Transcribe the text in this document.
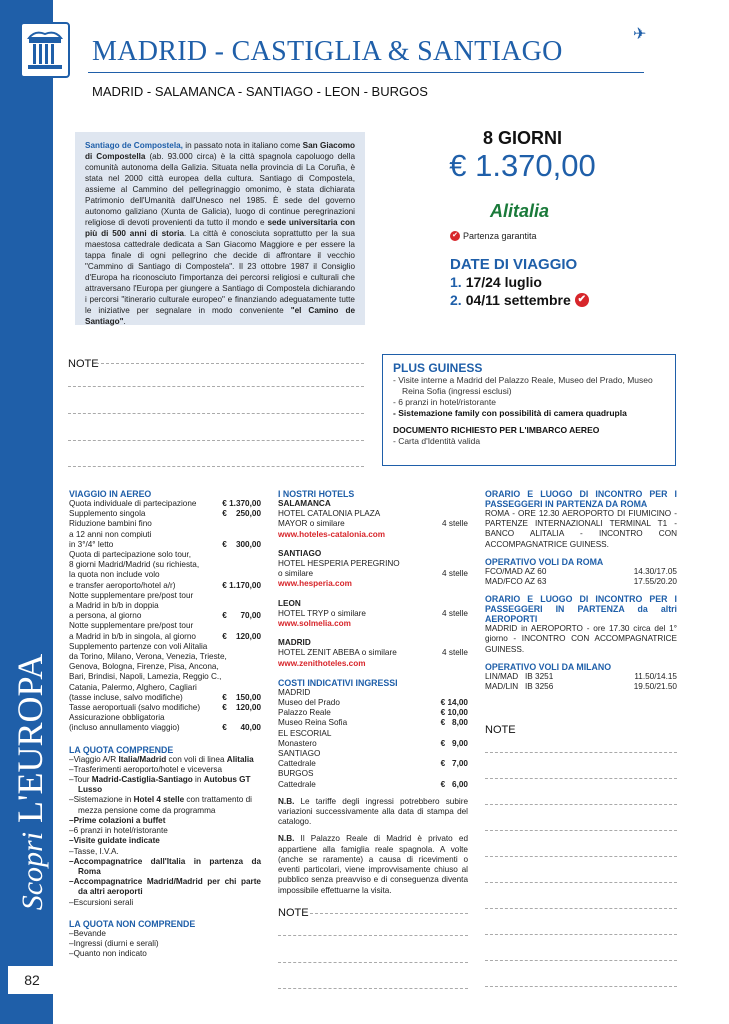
Scopri L'EUROPA
82
MADRID - CASTIGLIA & SANTIAGO
✈
MADRID - SALAMANCA - SANTIAGO - LEON - BURGOS
Santiago de Compostela, in passato nota in italiano come San Giacomo di Compostella (ab. 93.000 circa) è la città spagnola capoluogo della comunità autonoma della Galizia. Situata nella provincia di La Coruña, è stata nel 2000 città europea della cultura. Santiago di Compostela, assieme al Cammino del pellegrinaggio omonimo, è stata dichiarata Patrimonio dell'Umanità dall'Unesco nel 1985. È sede del governo autonomo galiziano (Xunta de Galicia), luogo di continue peregrinazioni religiose di devoti provenienti da tutto il mondo e sede universitaria con più di 500 anni di storia. La città è conosciuta soprattutto per la sua maestosa cattedrale dedicata a San Giacomo Maggiore e per essere la tappa finale di ogni pellegrino che decide di affrontare il vecchio "Cammino di Santiago di Compostela". Il 23 ottobre 1987 il Consiglio d'Europa ha riconosciuto l'importanza dei percorsi religiosi e culturali che attraversano l'Europa per giungere a Santiago di Compostela dichiarando i percorsi "itinerario culturale europeo" e finanziando adeguatamente tutte le iniziative per segnalare in modo conveniente "el Camino de Santiago".
8 GIORNI
€ 1.370,00
Alitalia
✔ Partenza garantita
DATE DI VIAGGIO
1. 17/24 luglio
2. 04/11 settembre ✔
NOTE	PLUS GUINESS
- Visite interne a Madrid del Palazzo Reale, Museo del Prado, Museo Reina Sofia (ingressi esclusi)
- 6 pranzi in hotel/ristorante
- Sistemazione family con possibilità di camera quadrupla
DOCUMENTO RICHIESTO PER L'IMBARCO AEREO
- Carta d'Identità valida
VIAGGIO IN AEREO
Quota individuale di partecipazione	€ 1.370,00
Supplemento singola	€    250,00
Riduzione bambini fino
a 12 anni non compiuti
in 3°/4° letto	€    300,00
Quota di partecipazione solo tour,
8 giorni Madrid/Madrid (su richiesta,
la quota non include volo
e transfer aeroporto/hotel a/r)	€ 1.170,00
Notte supplementare pre/post tour
a Madrid in b/b in doppia
a persona, al giorno	€      70,00
Notte supplementare pre/post tour
a Madrid in b/b in singola, al giorno	€    120,00
Supplemento partenze con voli Alitalia
da Torino, Milano, Verona, Venezia, Trieste,
Genova, Bologna, Firenze, Pisa, Ancona,
Bari, Brindisi, Napoli, Lamezia, Reggio C.,
Catania, Palermo, Alghero, Cagliari
(tasse incluse, salvo modifiche)	€    150,00
Tasse aeroportuali (salvo modifiche)	€    120,00
Assicurazione obbligatoria
(incluso annullamento viaggio)	€      40,00
LA QUOTA COMPRENDE
– Viaggio A/R Italia/Madrid con voli di linea Alitalia
– Trasferimenti aeroporto/hotel e viceversa
– Tour Madrid-Castiglia-Santiago in Autobus GT Lusso
– Sistemazione in Hotel 4 stelle con trattamento di mezza pensione come da programma
– Prime colazioni a buffet
– 6 pranzi in hotel/ristorante
– Visite guidate indicate
– Tasse, I.V.A.
– Accompagnatrice dall'Italia in partenza da Roma
– Accompagnatrice Madrid/Madrid per chi parte da altri aeroporti
– Escursioni serali
LA QUOTA NON COMPRENDE
– Bevande
– Ingressi (diurni e serali)
– Quanto non indicato
I NOSTRI HOTELS
SALAMANCA
HOTEL CATALONIA PLAZA
MAYOR o similare	4 stelle
www.hoteles-catalonia.com
SANTIAGO
HOTEL HESPERIA PEREGRINO
o similare	4 stelle
www.hesperia.com
LEON
HOTEL TRYP o similare	4 stelle
www.solmelia.com
MADRID
HOTEL ZENIT ABEBA o similare	4 stelle
www.zenithoteles.com
COSTI INDICATIVI INGRESSI
MADRID
Museo del Prado	€ 14,00
Palazzo Reale	€ 10,00
Museo Reina Sofia	€   8,00
EL ESCORIAL
Monastero	€   9,00
SANTIAGO
Cattedrale	€   7,00
BURGOS
Cattedrale	€   6,00
N.B. Le tariffe degli ingressi potrebbero subire variazioni successivamente alla data di stampa del catalogo.
N.B. Il Palazzo Reale di Madrid è privato ed appartiene alla famiglia reale spagnola. A volte (anche se raramente) a causa di ricevimenti o eventi particolari, viene improvvisamente chiuso al pubblico senza preavviso e di conseguenza diventa impossibile effettuarne la visita.
NOTE
ORARIO E LUOGO DI INCONTRO PER I PASSEGGERI IN PARTENZA DA ROMA
ROMA - ORE 12.30 AEROPORTO DI FIUMICINO - PARTENZE INTERNAZIONALI TERMINAL T1 - BANCO ALITALIA - INCONTRO CON ACCOMPAGNATRICE GUINESS.
OPERATIVO VOLI DA ROMA
FCO/MAD AZ 60	14.30/17.05
MAD/FCO AZ 63	17.55/20.20
ORARIO E LUOGO DI INCONTRO PER I PASSEGGERI IN PARTENZA da altri AEROPORTI
MADRID in AEROPORTO - ore 17.30 circa del 1° giorno - INCONTRO CON ACCOMPAGNATRICE GUINESS.
OPERATIVO VOLI DA MILANO
LIN/MAD   IB 3251	11.50/14.15
MAD/LIN   IB 3256	19.50/21.50
NOTE
